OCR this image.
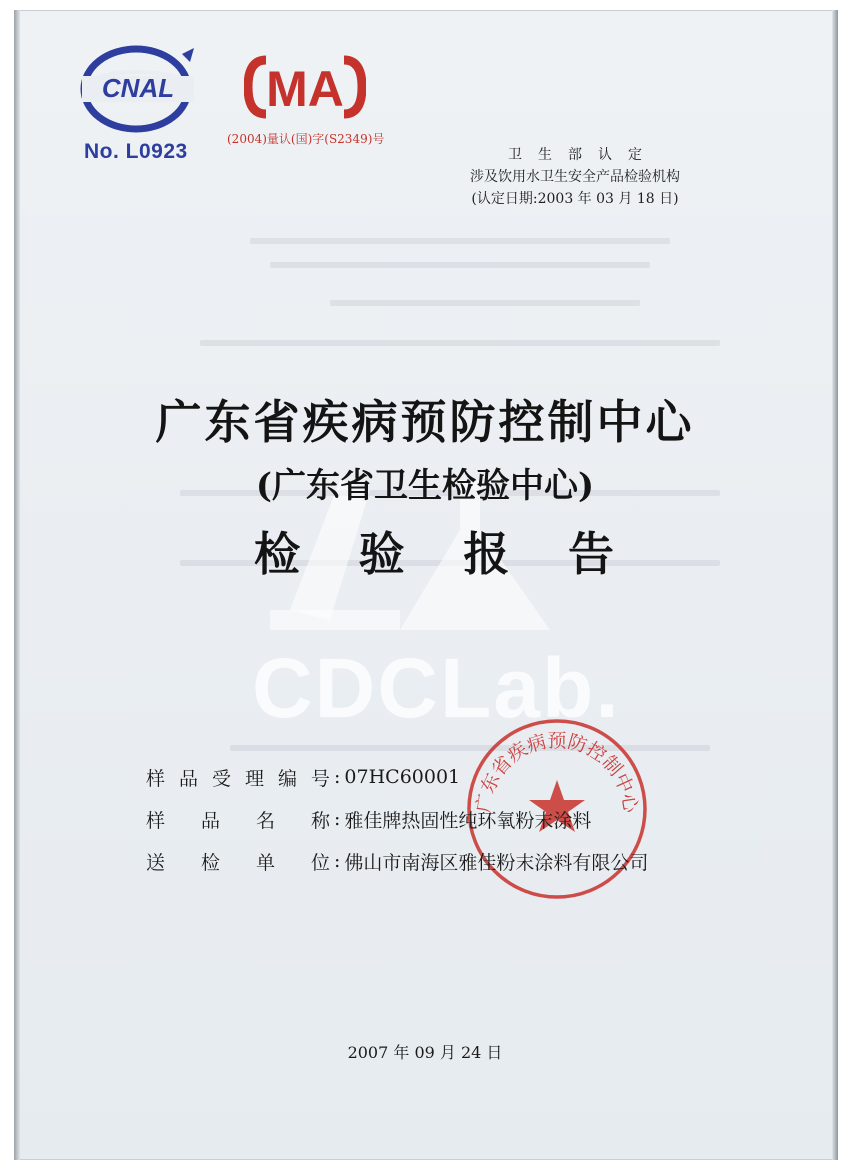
CNAL
No. L0923
MA
(2004)量认(国)字(S2349)号
卫生部认定
涉及饮用水卫生安全产品检验机构
(认定日期:2003 年 03 月 18 日)
CDCLab.
广东省疾病预防控制中心
(广东省卫生检验中心)
检 验 报 告
广东省疾病预防控制中心
样 品 受 理 编 号 : 07HC60001
样 品 名 称 : 雅佳牌热固性纯环氧粉末涂料
送 检 单 位 : 佛山市南海区雅佳粉末涂料有限公司
2007 年 09 月 24 日
